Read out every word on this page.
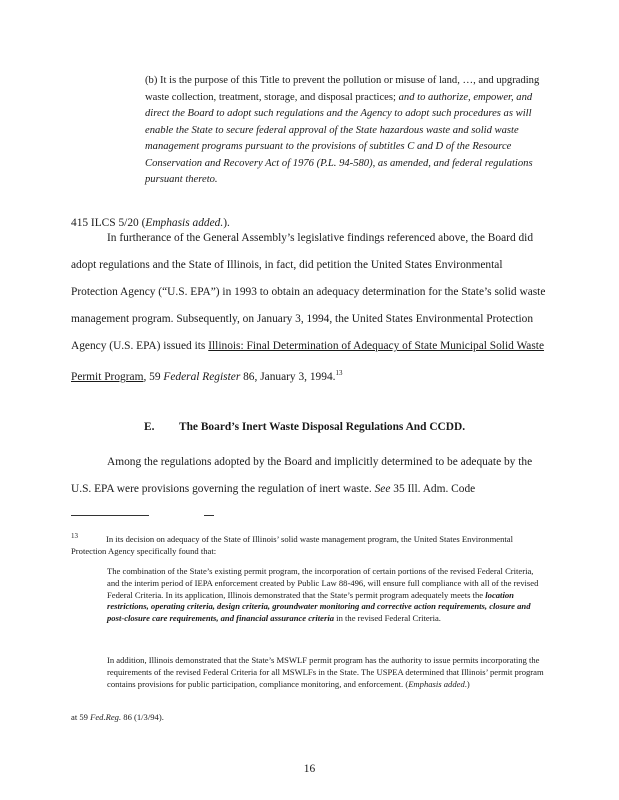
(b) It is the purpose of this Title to prevent the pollution or misuse of land, …, and upgrading waste collection, treatment, storage, and disposal practices; and to authorize, empower, and direct the Board to adopt such regulations and the Agency to adopt such procedures as will enable the State to secure federal approval of the State hazardous waste and solid waste management programs pursuant to the provisions of subtitles C and D of the Resource Conservation and Recovery Act of 1976 (P.L. 94-580), as amended, and federal regulations pursuant thereto.

415 ILCS 5/20 (Emphasis added.).

In furtherance of the General Assembly’s legislative findings referenced above, the Board did adopt regulations and the State of Illinois, in fact, did petition the United States Environmental Protection Agency (“U.S. EPA”) in 1993 to obtain an adequacy determination for the State’s solid waste management program. Subsequently, on January 3, 1994, the United States Environmental Protection Agency (U.S. EPA) issued its Illinois: Final Determination of Adequacy of State Municipal Solid Waste Permit Program, 59 Federal Register 86, January 3, 1994.13

E. The Board’s Inert Waste Disposal Regulations And CCDD.

Among the regulations adopted by the Board and implicitly determined to be adequate by the U.S. EPA were provisions governing the regulation of inert waste. See 35 Ill. Adm. Code

13	In its decision on adequacy of the State of Illinois’ solid waste management program, the United States Environmental Protection Agency specifically found that:

The combination of the State’s existing permit program, the incorporation of certain portions of the revised Federal Criteria, and the interim period of IEPA enforcement created by Public Law 88-496, will ensure full compliance with all of the revised Federal Criteria. In its application, Illinois demonstrated that the State’s permit program adequately meets the location restrictions, operating criteria, design criteria, groundwater monitoring and corrective action requirements, closure and post-closure care requirements, and financial assurance criteria in the revised Federal Criteria.

In addition, Illinois demonstrated that the State’s MSWLF permit program has the authority to issue permits incorporating the requirements of the revised Federal Criteria for all MSWLFs in the State. The USPEA determined that Illinois’ permit program contains provisions for public participation, compliance monitoring, and enforcement. (Emphasis added.)

at 59 Fed.Reg. 86 (1/3/94).

16
